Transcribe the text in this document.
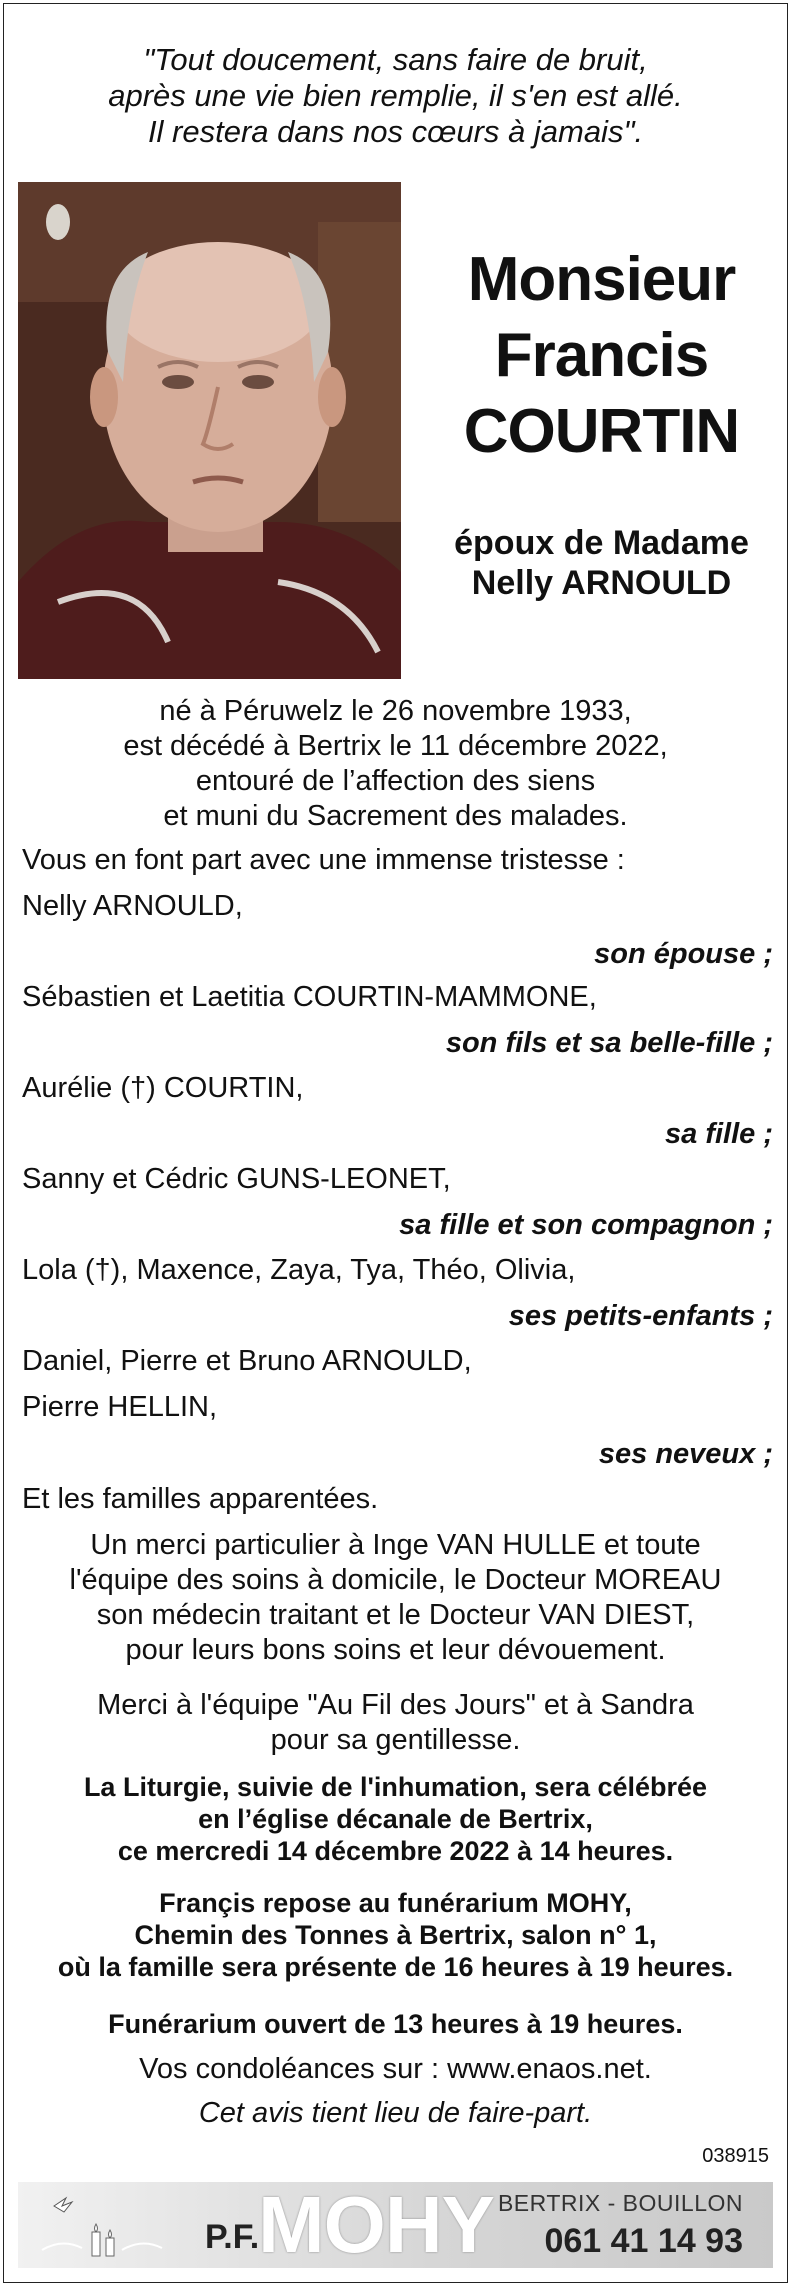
"Tout doucement, sans faire de bruit,
après une vie bien remplie, il s'en est allé.
Il restera dans nos cœurs à jamais".
Monsieur
Francis
COURTIN
époux de Madame
Nelly ARNOULD
né à Péruwelz le 26 novembre 1933,
est décédé à Bertrix le 11 décembre 2022,
entouré de l’affection des siens
et muni du Sacrement des malades.
Vous en font part avec une immense tristesse :
Nelly ARNOULD,
son épouse ;
Sébastien et Laetitia COURTIN-MAMMONE,
son fils et sa belle-fille ;
Aurélie (†) COURTIN,
sa fille ;
Sanny et Cédric GUNS-LEONET,
sa fille et son compagnon ;
Lola (†), Maxence, Zaya, Tya, Théo, Olivia,
ses petits-enfants ;
Daniel, Pierre et Bruno ARNOULD,
Pierre HELLIN,
ses neveux ;
Et les familles apparentées.
Un merci particulier à Inge VAN HULLE et toute
l'équipe des soins à domicile, le Docteur MOREAU
son médecin traitant et le Docteur VAN DIEST,
pour leurs bons soins et leur dévouement.
Merci à l'équipe "Au Fil des Jours" et à Sandra
pour sa gentillesse.
La Liturgie, suivie de l'inhumation, sera célébrée
en l’église décanale de Bertrix,
ce mercredi 14 décembre 2022 à 14 heures.
Françis repose au funérarium MOHY,
Chemin des Tonnes à Bertrix, salon n° 1,
où la famille sera présente de 16 heures à 19 heures.
Funérarium ouvert de 13 heures à 19 heures.
Vos condoléances sur : www.enaos.net.
Cet avis tient lieu de faire-part.
038915
P.F.
MOHY BERTRIX - BOUILLON
061 41 14 93
